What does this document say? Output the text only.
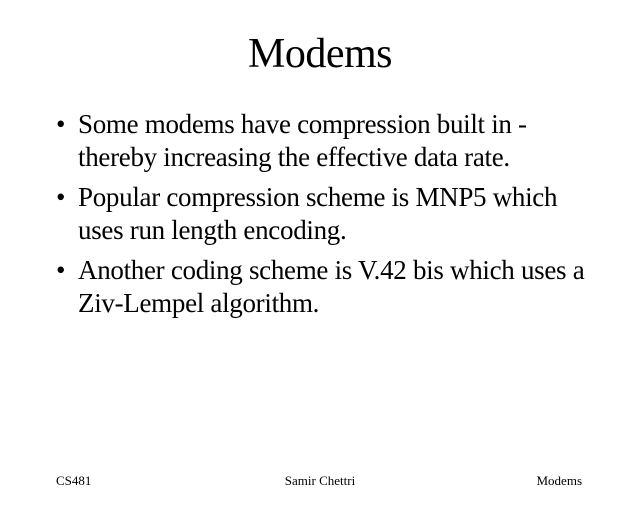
Modems
• Some modems have compression built in - thereby increasing the effective data rate.
• Popular compression scheme is MNP5 which uses run length encoding.
• Another coding scheme is V.42 bis which uses a Ziv-Lempel algorithm.
CS481	Samir Chettri	Modems
